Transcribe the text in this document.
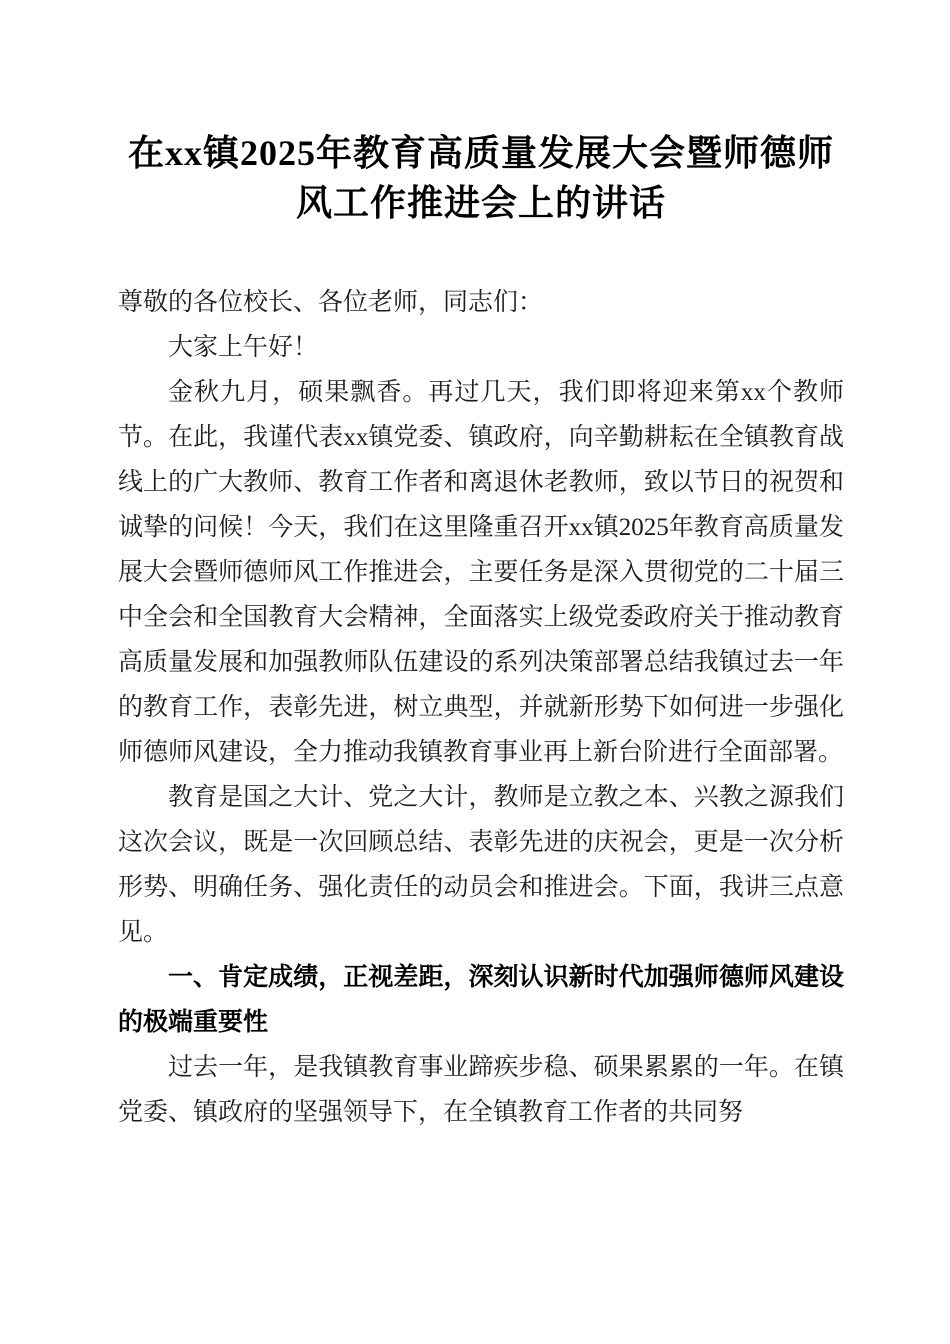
在xx镇2025年教育高质量发展大会暨师德师
风工作推进会上的讲话

尊敬的各位校长、各位老师，同志们：

大家上午好！

金秋九月，硕果飘香。再过几天，我们即将迎来第xx个教师节。在此，我谨代表xx镇党委、镇政府，向辛勤耕耘在全镇教育战线上的广大教师、教育工作者和离退休老教师，致以节日的祝贺和诚挚的问候！今天，我们在这里隆重召开xx镇2025年教育高质量发展大会暨师德师风工作推进会，主要任务是深入贯彻党的二十届三中全会和全国教育大会精神，全面落实上级党委政府关于推动教育高质量发展和加强教师队伍建设的系列决策部署总结我镇过去一年的教育工作，表彰先进，树立典型，并就新形势下如何进一步强化师德师风建设，全力推动我镇教育事业再上新台阶进行全面部署。

教育是国之大计、党之大计，教师是立教之本、兴教之源我们这次会议，既是一次回顾总结、表彰先进的庆祝会，更是一次分析形势、明确任务、强化责任的动员会和推进会。下面，我讲三点意见。

一、肯定成绩，正视差距，深刻认识新时代加强师德师风建设的极端重要性

过去一年，是我镇教育事业蹄疾步稳、硕果累累的一年。在镇党委、镇政府的坚强领导下，在全镇教育工作者的共同努
